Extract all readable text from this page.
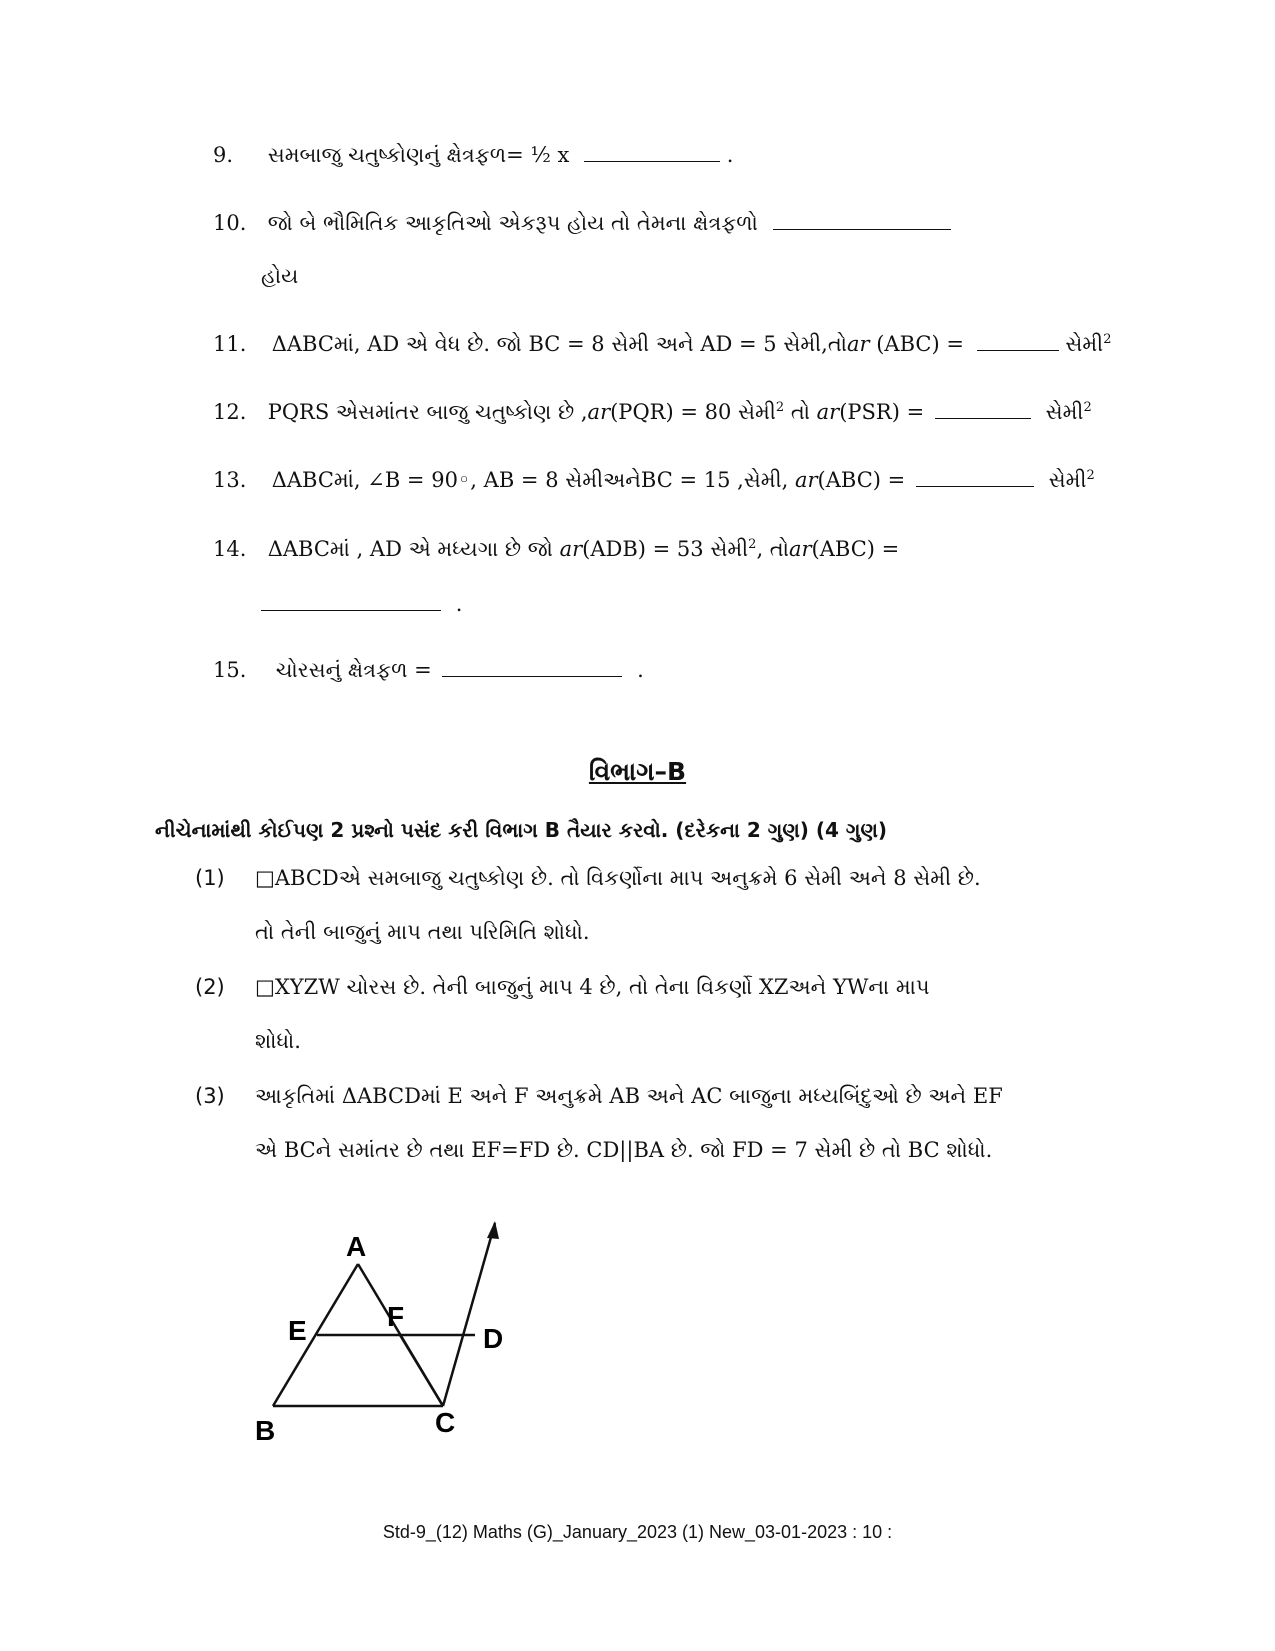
9. સમબાજુ ચતુષ્કોણનું ક્ષેત્રફળ= ½ x	.
10. જો બે ભૌમિતિક આકૃતિઓ એકરૂપ હોય તો તેમના ક્ષેત્રફળો
હોય
11. ΔABCમાં, AD એ વેધ છે. જો BC = 8 સેમી અને AD = 5 સેમી,તો𝑎𝑟 (ABC) =	સેમી$^2$
12. PQRS એસમાંતર બાજુ ચતુષ્કોણ છે ,𝑎𝑟(PQR) = 80 સેમી$^2$ તો 𝑎𝑟(PSR) =	સેમી$^2$
13. ΔABCમાં, ∠B = 90◦, AB = 8 સેમીઅનેBC = 15 ,સેમી, 𝑎𝑟(ABC) =	સેમી$^2$
14. ΔABCમાં , AD એ મધ્યગા છે જો 𝑎𝑟(ADB) = 53 સેમી$^2$, તો𝑎𝑟(ABC) =
.
15. ચોરસનું ક્ષેત્રફળ =	.
વિભાગ–B
નીચેનામાંથી કોઈપણ 2 પ્રશ્નો પસંદ કરી વિભાગ B તૈયાર કરવો. (દરેકના 2 ગુણ) (4 ગુણ)
(1) □ABCDએ સમબાજુ ચતુષ્કોણ છે. તો વિકર્ણોના માપ અનુક્રમે 6 સેમી અને 8 સેમી છે.
તો તેની બાજુનું માપ તથા પરિમિતિ શોધો.
(2) □XYZW ચોરસ છે. તેની બાજુનું માપ 4 છે, તો તેના વિકર્ણો XZઅને YWના માપ
શોધો.
(3) આકૃતિમાં ΔABCDમાં E અને F અનુક્રમે AB અને AC બાજુના મધ્યબિંદુઓ છે અને EF
એ BCને સમાંતર છે તથા EF=FD છે. CD||BA છે. જો FD = 7 સેમી છે તો BC શોધો.
A
E	F
D
B	C
Std-9_(12) Maths (G)_January_2023 (1) New_03-01-2023 : 10 :
